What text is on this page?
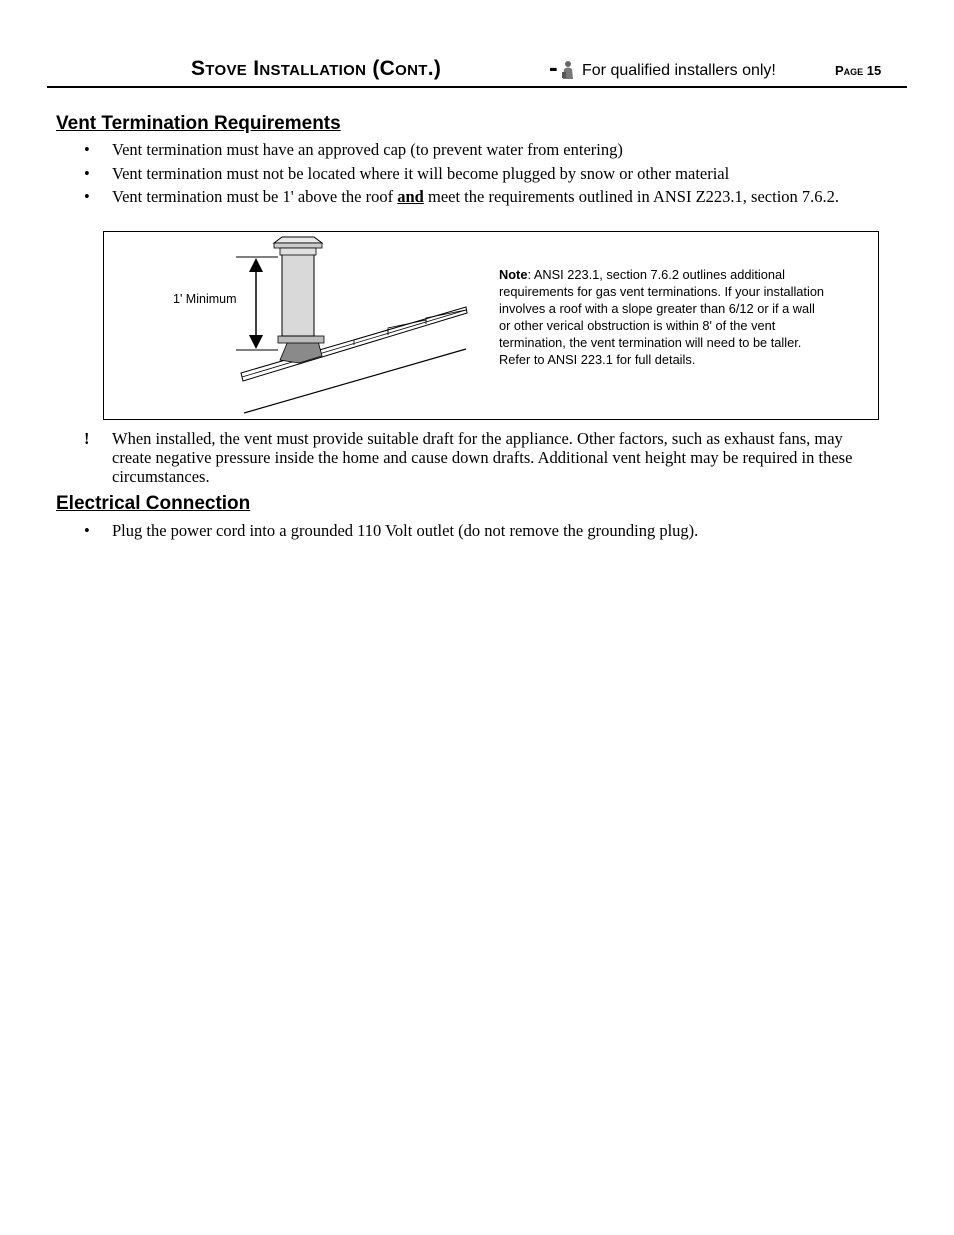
Stove Installation (Cont.)	- For qualified installers only!	Page 15
Vent Termination Requirements
•	Vent termination must have an approved cap (to prevent water from entering)
•	Vent termination must not be located where it will become plugged by snow or other material
•	Vent termination must be 1' above the roof and meet the requirements outlined in ANSI Z223.1, section 7.6.2.
1' Minimum
Note: ANSI 223.1, section 7.6.2 outlines additional requirements for gas vent terminations. If your installation involves a roof with a slope greater than 6/12 or if a wall or other verical obstruction is within 8' of the vent termination, the vent termination will need to be taller. Refer to ANSI 223.1 for full details.
!	When installed, the vent must provide suitable draft for the appliance. Other factors, such as exhaust fans, may create negative pressure inside the home and cause down drafts. Additional vent height may be required in these circumstances.
Electrical Connection
•	Plug the power cord into a grounded 110 Volt outlet (do not remove the grounding plug).
